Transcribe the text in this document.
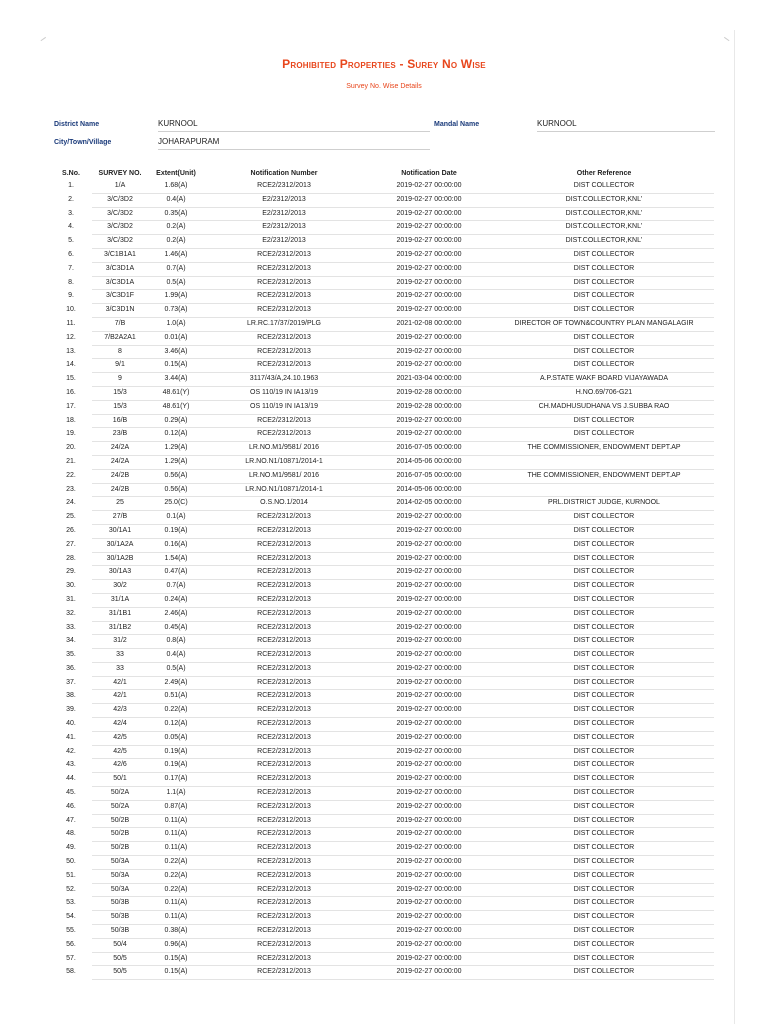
Prohibited Properties - Surey No Wise
Survey No. Wise Details
District Name	KURNOOL	Mandal Name	KURNOOL
City/Town/Village	JOHARAPURAM
S.No.	SURVEY NO.	Extent(Unit)	Notification Number	Notification Date	Other Reference
1.	1/A	1.68(A)	RCE2/2312/2013	2019-02-27 00:00:00	DIST COLLECTOR
2.	3/C/3D2	0.4(A)	E2/2312/2013	2019-02-27 00:00:00	DIST.COLLECTOR,KNL'
3.	3/C/3D2	0.35(A)	E2/2312/2013	2019-02-27 00:00:00	DIST.COLLECTOR,KNL'
4.	3/C/3D2	0.2(A)	E2/2312/2013	2019-02-27 00:00:00	DIST.COLLECTOR,KNL'
5.	3/C/3D2	0.2(A)	E2/2312/2013	2019-02-27 00:00:00	DIST.COLLECTOR,KNL'
6.	3/C1B1A1	1.46(A)	RCE2/2312/2013	2019-02-27 00:00:00	DIST COLLECTOR
7.	3/C3D1A	0.7(A)	RCE2/2312/2013	2019-02-27 00:00:00	DIST COLLECTOR
8.	3/C3D1A	0.5(A)	RCE2/2312/2013	2019-02-27 00:00:00	DIST COLLECTOR
9.	3/C3D1F	1.99(A)	RCE2/2312/2013	2019-02-27 00:00:00	DIST COLLECTOR
10.	3/C3D1N	0.73(A)	RCE2/2312/2013	2019-02-27 00:00:00	DIST COLLECTOR
11.	7/B	1.0(A)	LR.RC.17/37/2019/PLG	2021-02-08 00:00:00	DIRECTOR OF TOWN&COUNTRY PLAN MANGALAGIR
12.	7/B2A2A1	0.01(A)	RCE2/2312/2013	2019-02-27 00:00:00	DIST COLLECTOR
13.	8	3.46(A)	RCE2/2312/2013	2019-02-27 00:00:00	DIST COLLECTOR
14.	9/1	0.15(A)	RCE2/2312/2013	2019-02-27 00:00:00	DIST COLLECTOR
15.	9	3.44(A)	3117/43/A,24.10.1963	2021-03-04 00:00:00	A.P.STATE WAKF BOARD VIJAYAWADA
16.	15/3	48.61(Y)	OS 110/19 IN IA13/19	2019-02-28 00:00:00	H.NO.69/706-G21
17.	15/3	48.61(Y)	OS 110/19 IN IA13/19	2019-02-28 00:00:00	CH.MADHUSUDHANA VS J.SUBBA RAO
18.	16/B	0.29(A)	RCE2/2312/2013	2019-02-27 00:00:00	DIST COLLECTOR
19.	23/B	0.12(A)	RCE2/2312/2013	2019-02-27 00:00:00	DIST COLLECTOR
20.	24/2A	1.29(A)	LR.NO.M1/9581/ 2016	2016-07-05 00:00:00	THE COMMISSIONER, ENDOWMENT DEPT.AP
21.	24/2A	1.29(A)	LR.NO.N1/10871/2014-1	2014-05-06 00:00:00	
22.	24/2B	0.56(A)	LR.NO.M1/9581/ 2016	2016-07-05 00:00:00	THE COMMISSIONER, ENDOWMENT DEPT.AP
23.	24/2B	0.56(A)	LR.NO.N1/10871/2014-1	2014-05-06 00:00:00	
24.	25	25.0(C)	O.S.NO.1/2014	2014-02-05 00:00:00	PRL.DISTRICT JUDGE, KURNOOL
25.	27/B	0.1(A)	RCE2/2312/2013	2019-02-27 00:00:00	DIST COLLECTOR
26.	30/1A1	0.19(A)	RCE2/2312/2013	2019-02-27 00:00:00	DIST COLLECTOR
27.	30/1A2A	0.16(A)	RCE2/2312/2013	2019-02-27 00:00:00	DIST COLLECTOR
28.	30/1A2B	1.54(A)	RCE2/2312/2013	2019-02-27 00:00:00	DIST COLLECTOR
29.	30/1A3	0.47(A)	RCE2/2312/2013	2019-02-27 00:00:00	DIST COLLECTOR
30.	30/2	0.7(A)	RCE2/2312/2013	2019-02-27 00:00:00	DIST COLLECTOR
31.	31/1A	0.24(A)	RCE2/2312/2013	2019-02-27 00:00:00	DIST COLLECTOR
32.	31/1B1	2.46(A)	RCE2/2312/2013	2019-02-27 00:00:00	DIST COLLECTOR
33.	31/1B2	0.45(A)	RCE2/2312/2013	2019-02-27 00:00:00	DIST COLLECTOR
34.	31/2	0.8(A)	RCE2/2312/2013	2019-02-27 00:00:00	DIST COLLECTOR
35.	33	0.4(A)	RCE2/2312/2013	2019-02-27 00:00:00	DIST COLLECTOR
36.	33	0.5(A)	RCE2/2312/2013	2019-02-27 00:00:00	DIST COLLECTOR
37.	42/1	2.49(A)	RCE2/2312/2013	2019-02-27 00:00:00	DIST COLLECTOR
38.	42/1	0.51(A)	RCE2/2312/2013	2019-02-27 00:00:00	DIST COLLECTOR
39.	42/3	0.22(A)	RCE2/2312/2013	2019-02-27 00:00:00	DIST COLLECTOR
40.	42/4	0.12(A)	RCE2/2312/2013	2019-02-27 00:00:00	DIST COLLECTOR
41.	42/5	0.05(A)	RCE2/2312/2013	2019-02-27 00:00:00	DIST COLLECTOR
42.	42/5	0.19(A)	RCE2/2312/2013	2019-02-27 00:00:00	DIST COLLECTOR
43.	42/6	0.19(A)	RCE2/2312/2013	2019-02-27 00:00:00	DIST COLLECTOR
44.	50/1	0.17(A)	RCE2/2312/2013	2019-02-27 00:00:00	DIST COLLECTOR
45.	50/2A	1.1(A)	RCE2/2312/2013	2019-02-27 00:00:00	DIST COLLECTOR
46.	50/2A	0.87(A)	RCE2/2312/2013	2019-02-27 00:00:00	DIST COLLECTOR
47.	50/2B	0.11(A)	RCE2/2312/2013	2019-02-27 00:00:00	DIST COLLECTOR
48.	50/2B	0.11(A)	RCE2/2312/2013	2019-02-27 00:00:00	DIST COLLECTOR
49.	50/2B	0.11(A)	RCE2/2312/2013	2019-02-27 00:00:00	DIST COLLECTOR
50.	50/3A	0.22(A)	RCE2/2312/2013	2019-02-27 00:00:00	DIST COLLECTOR
51.	50/3A	0.22(A)	RCE2/2312/2013	2019-02-27 00:00:00	DIST COLLECTOR
52.	50/3A	0.22(A)	RCE2/2312/2013	2019-02-27 00:00:00	DIST COLLECTOR
53.	50/3B	0.11(A)	RCE2/2312/2013	2019-02-27 00:00:00	DIST COLLECTOR
54.	50/3B	0.11(A)	RCE2/2312/2013	2019-02-27 00:00:00	DIST COLLECTOR
55.	50/3B	0.38(A)	RCE2/2312/2013	2019-02-27 00:00:00	DIST COLLECTOR
56.	50/4	0.96(A)	RCE2/2312/2013	2019-02-27 00:00:00	DIST COLLECTOR
57.	50/5	0.15(A)	RCE2/2312/2013	2019-02-27 00:00:00	DIST COLLECTOR
58.	50/5	0.15(A)	RCE2/2312/2013	2019-02-27 00:00:00	DIST COLLECTOR
